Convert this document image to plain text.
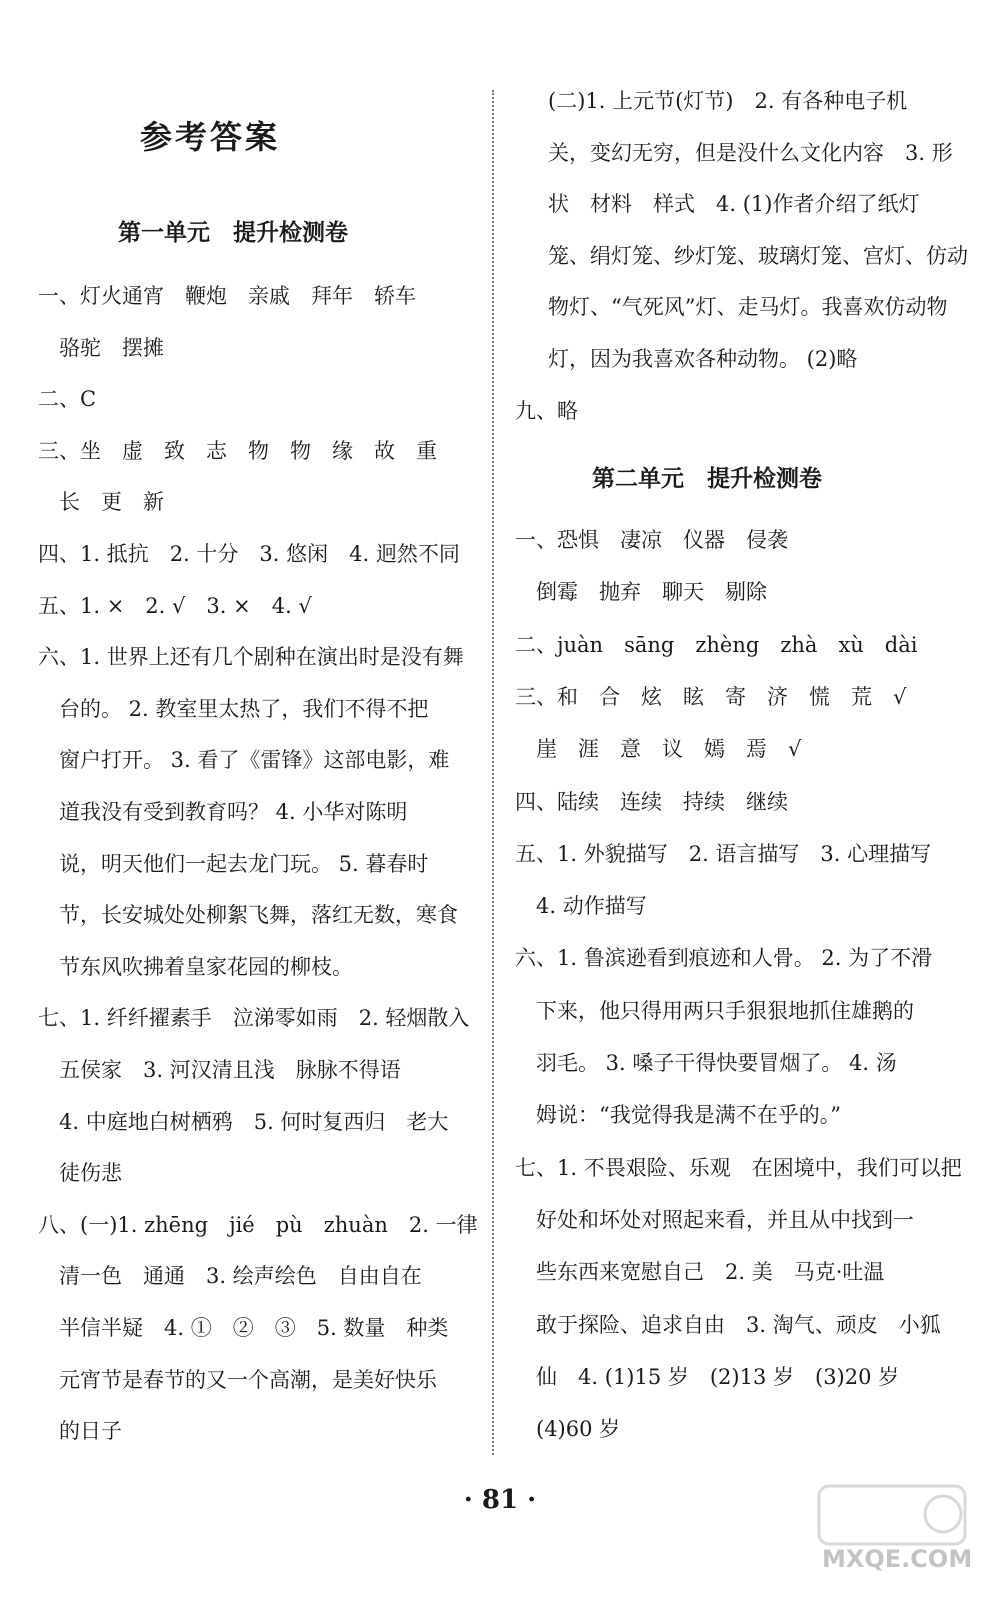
参考答案
第一单元　提升检测卷
一、灯火通宵　鞭炮　亲戚　拜年　轿车
　骆驼　摆摊
二、C
三、坐　虚　致　志　物　物　缘　故　重
　长　更　新
四、1. 抵抗　2. 十分　3. 悠闲　4. 迥然不同
五、1. ×　2. √　3. ×　4. √
六、1. 世界上还有几个剧种在演出时是没有舞
　台的。 2. 教室里太热了，我们不得不把
　窗户打开。 3. 看了《雷锋》这部电影，难
　道我没有受到教育吗？ 4. 小华对陈明
　说，明天他们一起去龙门玩。 5. 暮春时
　节，长安城处处柳絮飞舞，落红无数，寒食
　节东风吹拂着皇家花园的柳枝。
七、1. 纤纤擢素手　泣涕零如雨　2. 轻烟散入
　五侯家　3. 河汉清且浅　脉脉不得语
　4. 中庭地白树栖鸦　5. 何时复西归　老大
　徒伤悲
八、(一)1. zhēng　jié　pù　zhuàn　2. 一律
　清一色　通通　3. 绘声绘色　自由自在
　半信半疑　4. ①　②　③　5. 数量　种类
　元宵节是春节的又一个高潮，是美好快乐
　的日子
(二)1. 上元节(灯节)　2. 有各种电子机
关，变幻无穷，但是没什么文化内容　3. 形
状　材料　样式　4. (1)作者介绍了纸灯
笼、绢灯笼、纱灯笼、玻璃灯笼、宫灯、仿动
物灯、“气死风”灯、走马灯。我喜欢仿动物
灯，因为我喜欢各种动物。 (2)略
九、略
第二单元　提升检测卷
一、恐惧　凄凉　仪器　侵袭
　倒霉　抛弃　聊天　剔除
二、juàn　sāng　zhèng　zhà　xù　dài
三、和　合　炫　眩　寄　济　慌　荒　√
　崖　涯　意　议　嫣　焉　√
四、陆续　连续　持续　继续
五、1. 外貌描写　2. 语言描写　3. 心理描写
　4. 动作描写
六、1. 鲁滨逊看到痕迹和人骨。 2. 为了不滑
　下来，他只得用两只手狠狠地抓住雄鹅的
　羽毛。 3. 嗓子干得快要冒烟了。 4. 汤
　姆说：“我觉得我是满不在乎的。”
七、1. 不畏艰险、乐观　在困境中，我们可以把
　好处和坏处对照起来看，并且从中找到一
　些东西来宽慰自己　2. 美　马克·吐温
　敢于探险、追求自由　3. 淘气、顽皮　小狐
　仙　4. (1)15 岁　(2)13 岁　(3)20 岁
　(4)60 岁
· 81 ·
MXQE.COM
